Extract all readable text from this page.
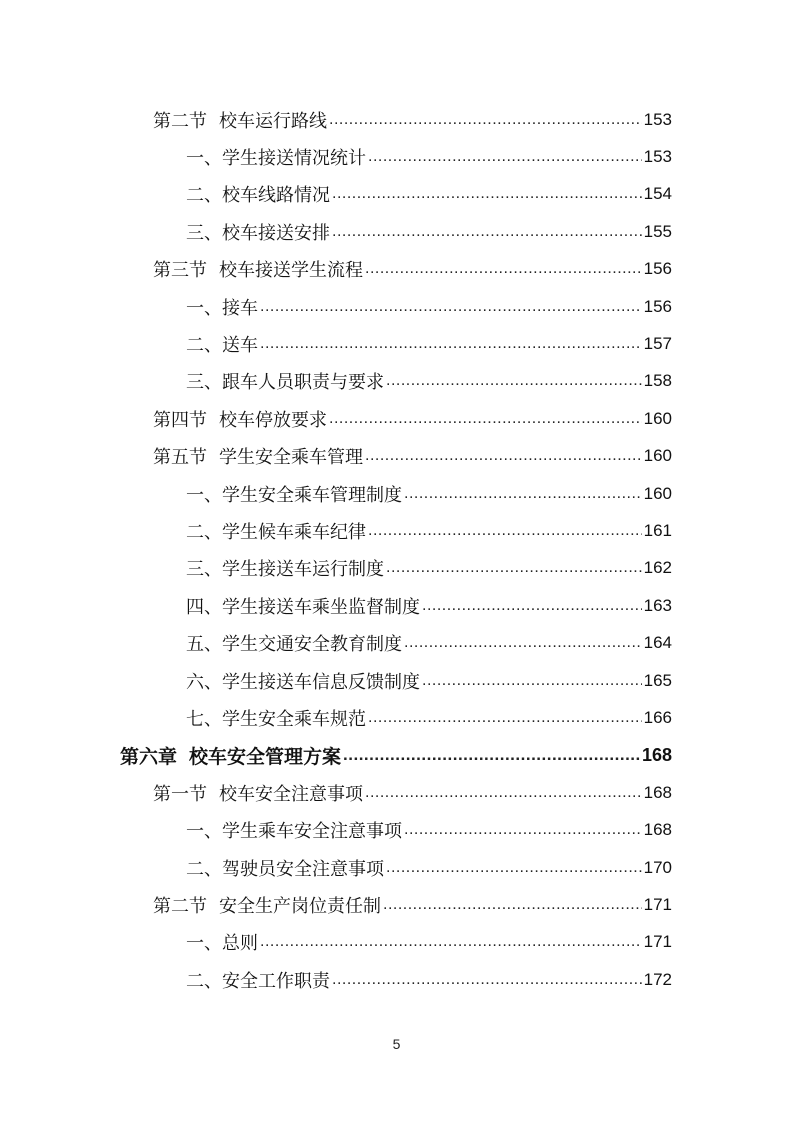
第二节 校车运行路线 .....	153
一、学生接送情况统计 .....	153
二、校车线路情况 .....	154
三、校车接送安排 .....	155
第三节 校车接送学生流程 .....	156
一、接车 .....	156
二、送车 .....	157
三、跟车人员职责与要求 .....	158
第四节 校车停放要求 .....	160
第五节 学生安全乘车管理 .....	160
一、学生安全乘车管理制度 .....	160
二、学生候车乘车纪律 .....	161
三、学生接送车运行制度 .....	162
四、学生接送车乘坐监督制度 .....	163
五、学生交通安全教育制度 .....	164
六、学生接送车信息反馈制度 .....	165
七、学生安全乘车规范 .....	166
第六章 校车安全管理方案 .....	168
第一节 校车安全注意事项 .....	168
一、学生乘车安全注意事项 .....	168
二、驾驶员安全注意事项 .....	170
第二节 安全生产岗位责任制 .....	171
一、总则 .....	171
二、安全工作职责 .....	172
5
